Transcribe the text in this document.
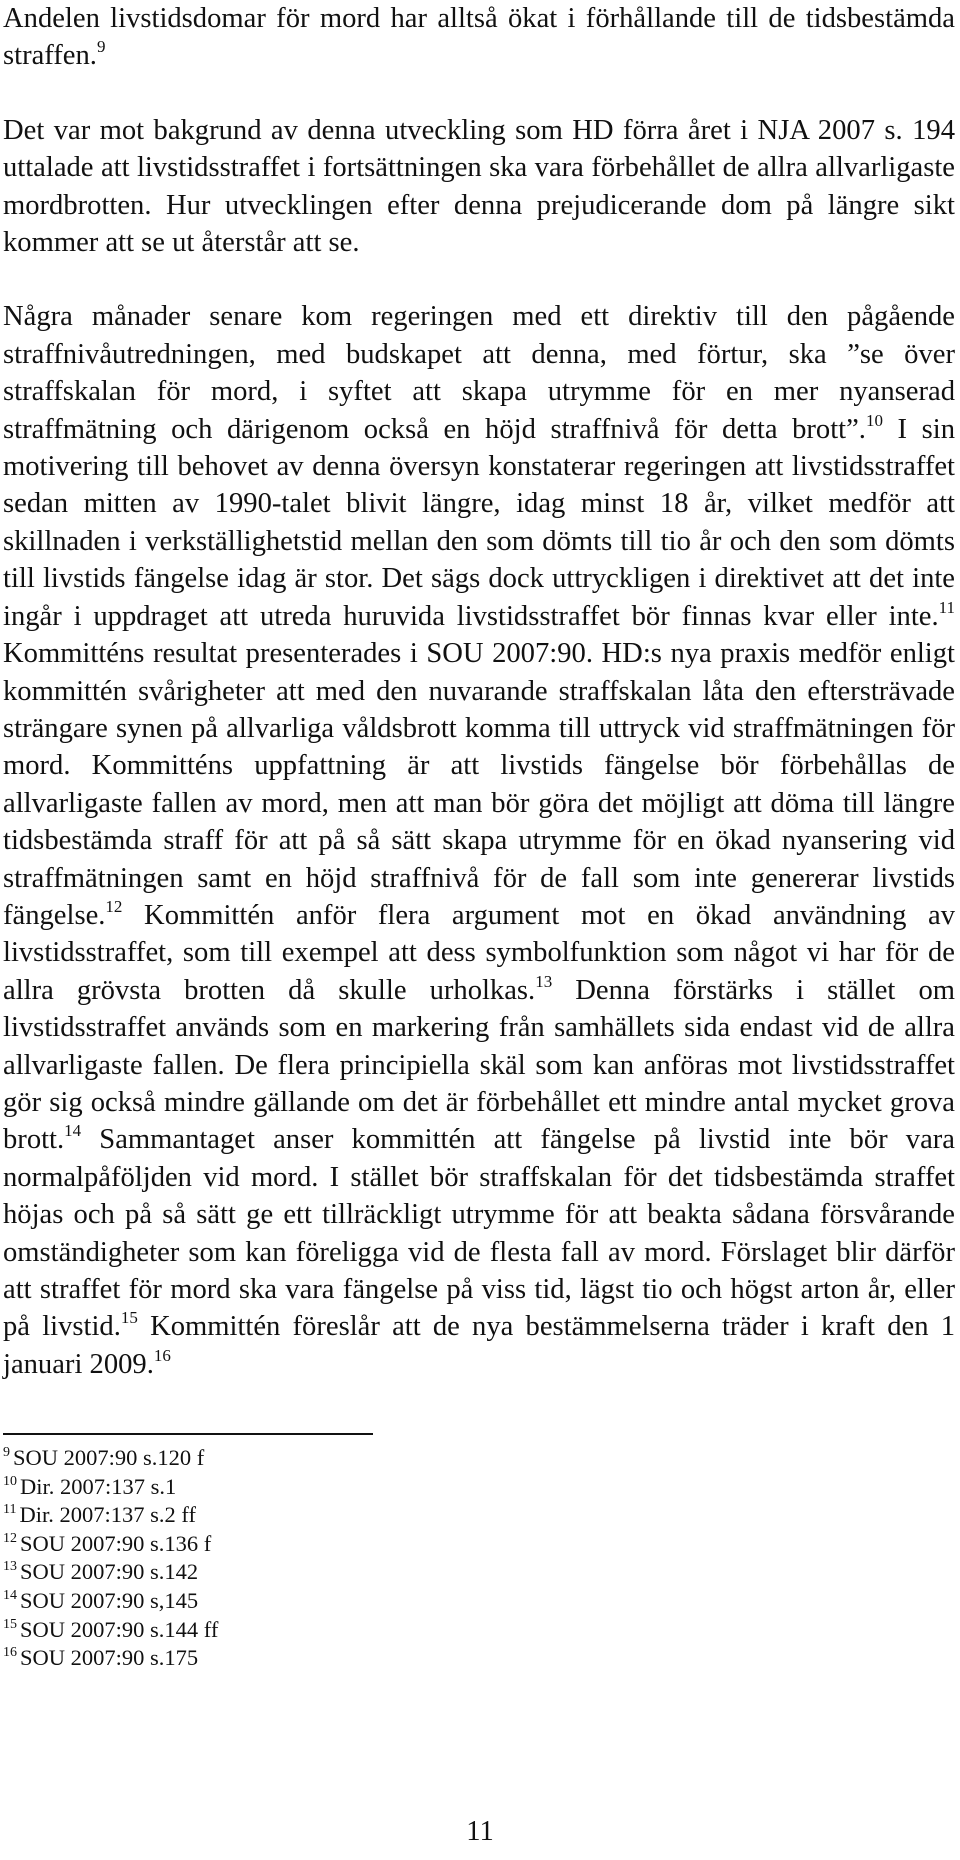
Andelen livstidsdomar för mord har alltså ökat i förhållande till de tidsbestämda straffen.$^9$

Det var mot bakgrund av denna utveckling som HD förra året i NJA 2007 s. 194 uttalade att livstidsstraffet i fortsättningen ska vara förbehållet de allra allvarligaste mordbrotten. Hur utvecklingen efter denna prejudicerande dom på längre sikt kommer att se ut återstår att se.

Några månader senare kom regeringen med ett direktiv till den pågående straffnivåutredningen, med budskapet att denna, med förtur, ska ”se över straffskalan för mord, i syftet att skapa utrymme för en mer nyanserad straffmätning och därigenom också en höjd straffnivå för detta brott”.$^{10}$ I sin motivering till behovet av denna översyn konstaterar regeringen att livstidsstraffet sedan mitten av 1990-talet blivit längre, idag minst 18 år, vilket medför att skillnaden i verkställighetstid mellan den som dömts till tio år och den som dömts till livstids fängelse idag är stor. Det sägs dock uttryckligen i direktivet att det inte ingår i uppdraget att utreda huruvida livstidsstraffet bör finnas kvar eller inte.$^{11}$ Kommitténs resultat presenterades i SOU 2007:90. HD:s nya praxis medför enligt kommittén svårigheter att med den nuvarande straffskalan låta den eftersträvade strängare synen på allvarliga våldsbrott komma till uttryck vid straffmätningen för mord. Kommitténs uppfattning är att livstids fängelse bör förbehållas de allvarligaste fallen av mord, men att man bör göra det möjligt att döma till längre tidsbestämda straff för att på så sätt skapa utrymme för en ökad nyansering vid straffmätningen samt en höjd straffnivå för de fall som inte genererar livstids fängelse.$^{12}$ Kommittén anför flera argument mot en ökad användning av livstidsstraffet, som till exempel att dess symbolfunktion som något vi har för de allra grövsta brotten då skulle urholkas.$^{13}$ Denna förstärks i stället om livstidsstraffet används som en markering från samhällets sida endast vid de allra allvarligaste fallen. De flera principiella skäl som kan anföras mot livstidsstraffet gör sig också mindre gällande om det är förbehållet ett mindre antal mycket grova brott.$^{14}$ Sammantaget anser kommittén att fängelse på livstid inte bör vara normalpåföljden vid mord. I stället bör straffskalan för det tidsbestämda straffet höjas och på så sätt ge ett tillräckligt utrymme för att beakta sådana försvårande omständigheter som kan föreligga vid de flesta fall av mord. Förslaget blir därför att straffet för mord ska vara fängelse på viss tid, lägst tio och högst arton år, eller på livstid.$^{15}$ Kommittén föreslår att de nya bestämmelserna träder i kraft den 1 januari 2009.16

$^9$ SOU 2007:90 s.120 f
$^{10}$ Dir. 2007:137 s.1
$^{11}$ Dir. 2007:137 s.2 ff
$^{12}$ SOU 2007:90 s.136 f
$^{13}$ SOU 2007:90 s.142
$^{14}$ SOU 2007:90 s,145
$^{15}$ SOU 2007:90 s.144 ff
$^{16}$ SOU 2007:90 s.175
11
